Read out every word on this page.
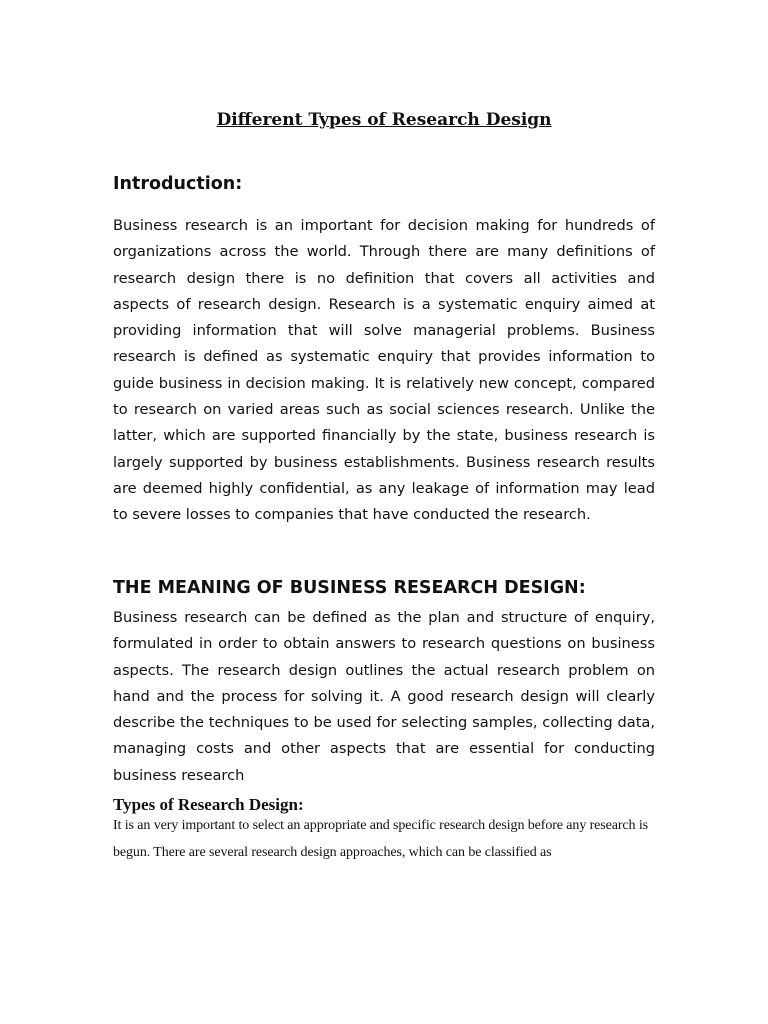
Different Types of Research Design
Introduction:

Business research is an important for decision making for hundreds of organizations across the world. Through there are many definitions of research design there is no definition that covers all activities and aspects of research design. Research is a systematic enquiry aimed at providing information that will solve managerial problems. Business research is defined as systematic enquiry that provides information to guide business in decision making. It is relatively new concept, compared to research on varied areas such as social sciences research. Unlike the latter, which are supported financially by the state, business research is largely supported by business establishments. Business research results are deemed highly confidential, as any leakage of information may lead to severe losses to companies that have conducted the research.

THE MEANING OF BUSINESS RESEARCH DESIGN:

Business research can be defined as the plan and structure of enquiry, formulated in order to obtain answers to research questions on business aspects. The research design outlines the actual research problem on hand and the process for solving it. A good research design will clearly describe the techniques to be used for selecting samples, collecting data, managing costs and other aspects that are essential for conducting business research

Types of Research Design:

It is an very important to select an appropriate and specific research design before any research is begun. There are several research design approaches, which can be classified as
